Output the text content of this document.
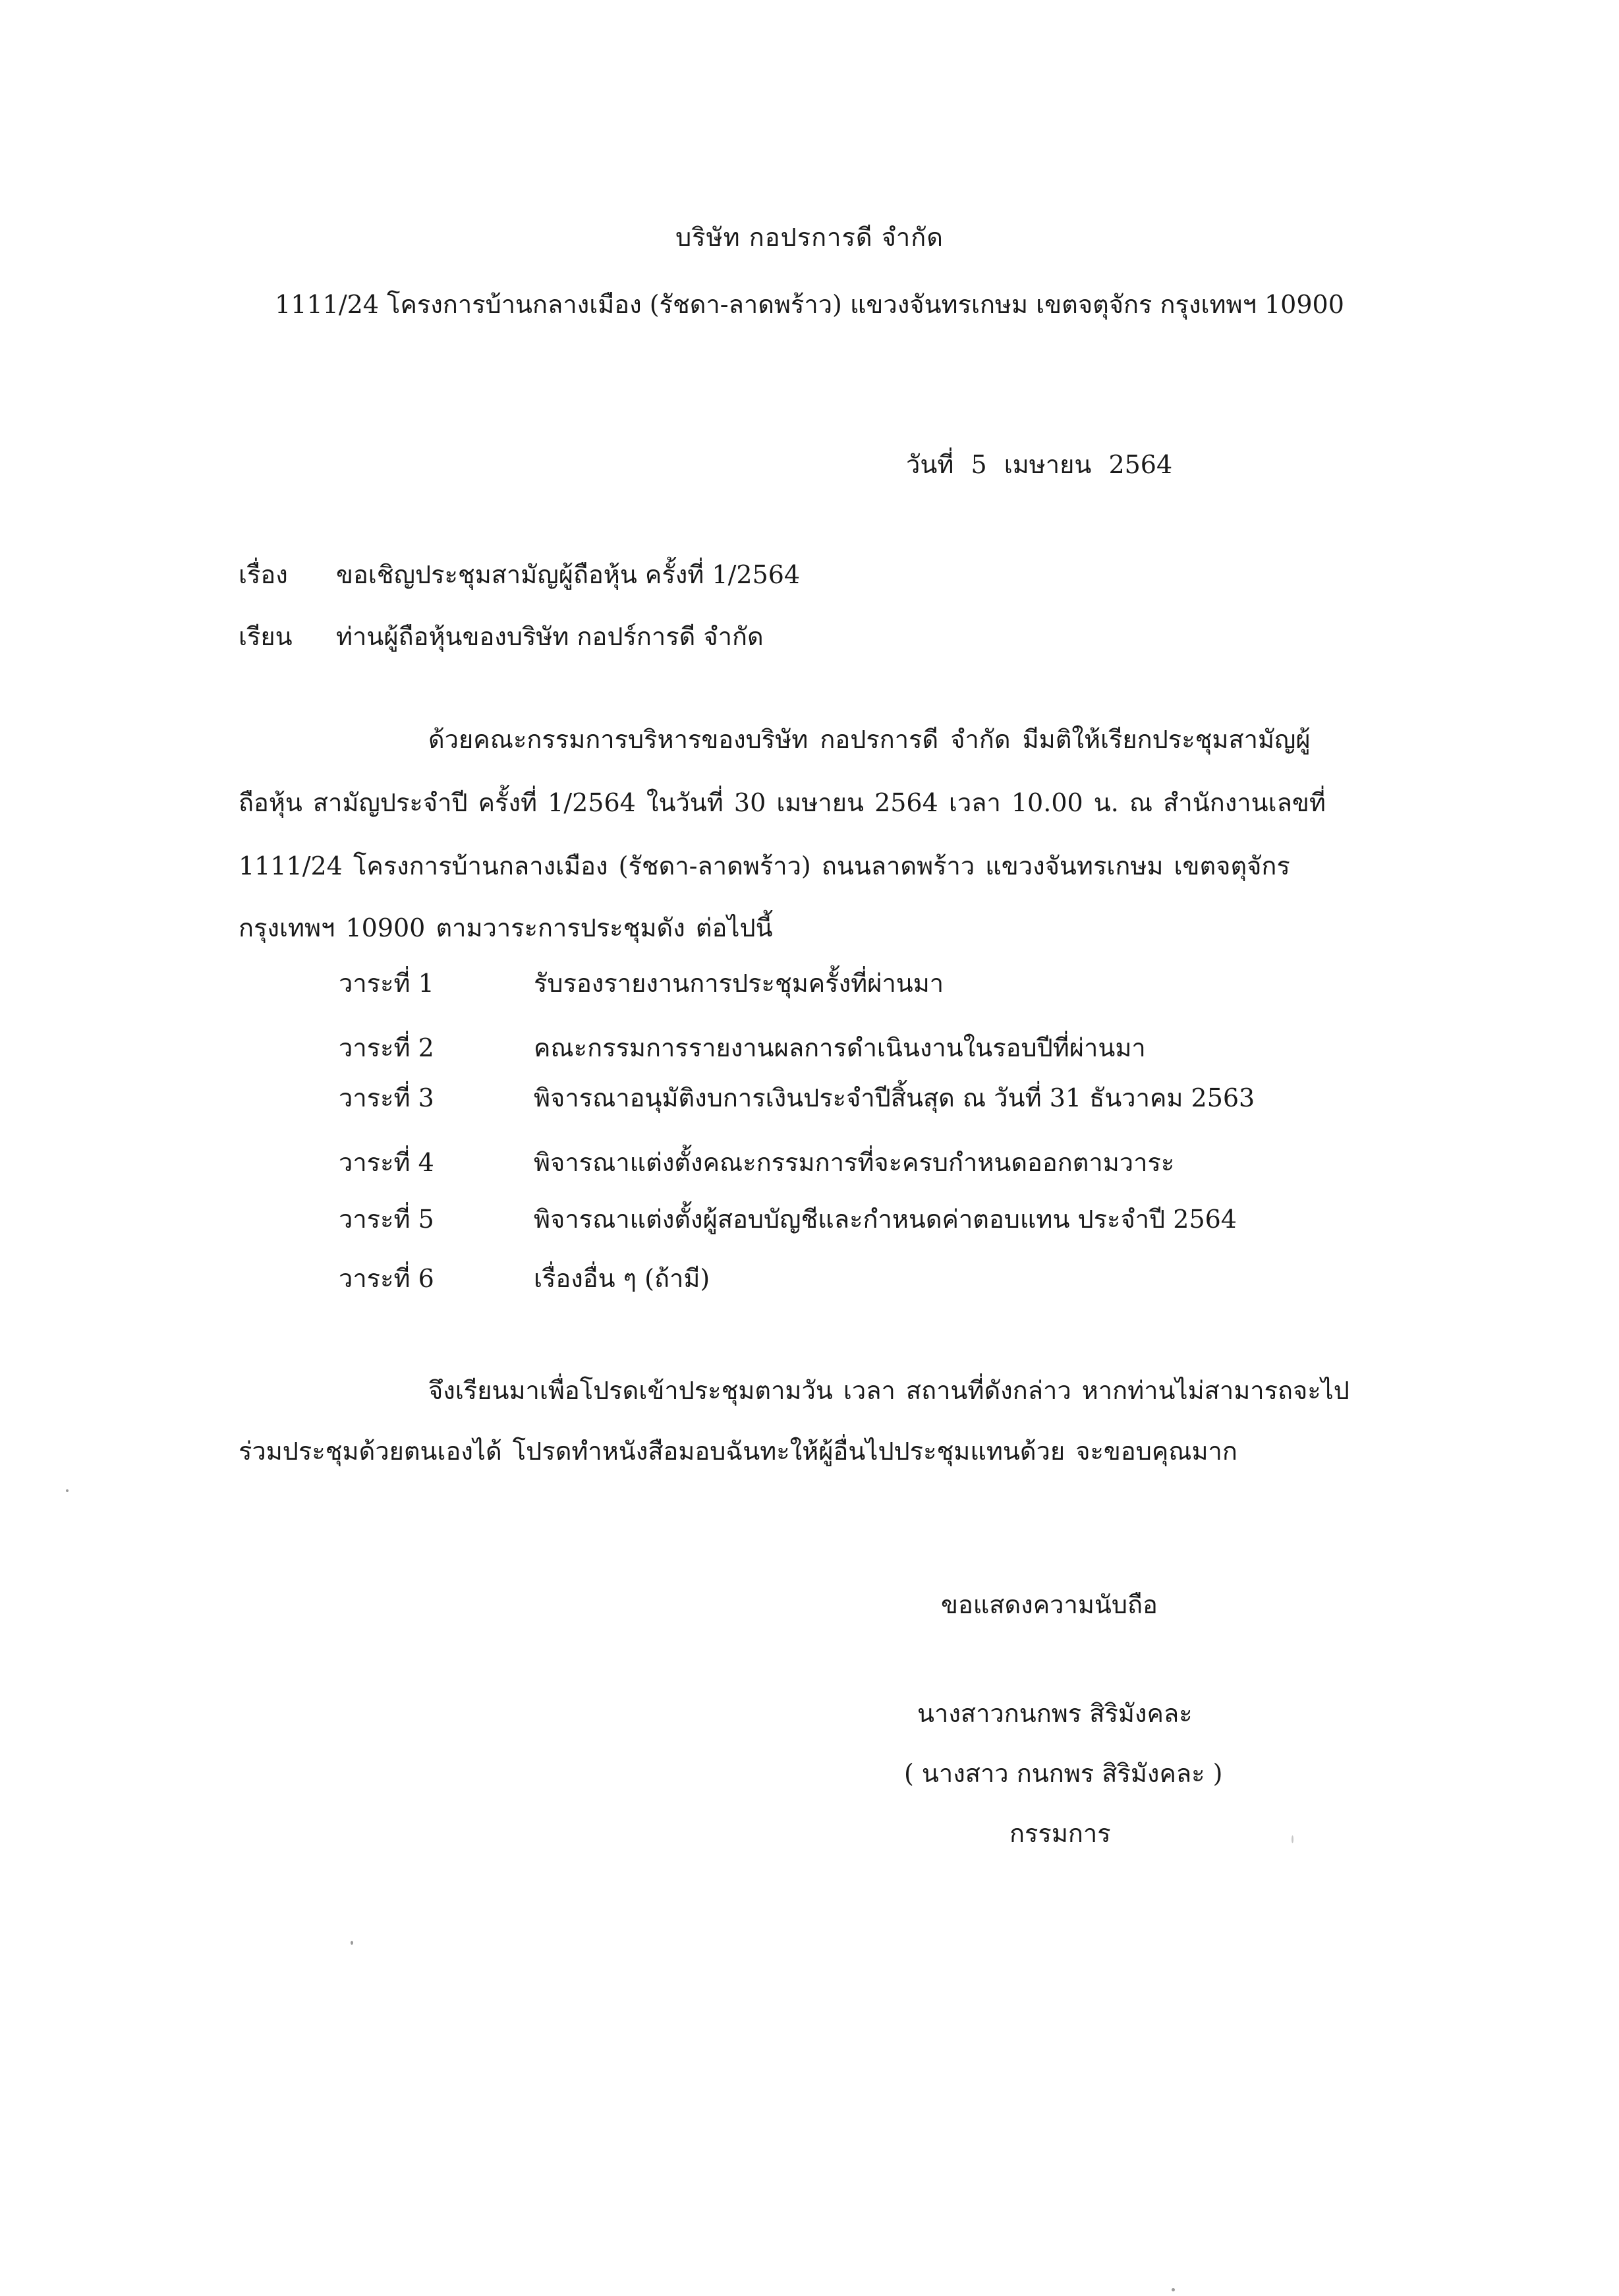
บริษัท กอปรการดี จำกัด
1111/24 โครงการบ้านกลางเมือง (รัชดา-ลาดพร้าว) แขวงจันทรเกษม เขตจตุจักร กรุงเทพฯ 10900
วันที่ 5 เมษายน 2564
เรื่อง ขอเชิญประชุมสามัญผู้ถือหุ้น ครั้งที่ 1/2564
เรียน ท่านผู้ถือหุ้นของบริษัท กอปร์การดี จำกัด
ด้วยคณะกรรมการบริหารของบริษัท กอปรการดี จำกัด มีมติให้เรียกประชุมสามัญผู้
ถือหุ้น สามัญประจำปี ครั้งที่ 1/2564 ในวันที่ 30 เมษายน 2564 เวลา 10.00 น. ณ สำนักงานเลขที่
1111/24 โครงการบ้านกลางเมือง (รัชดา-ลาดพร้าว) ถนนลาดพร้าว แขวงจันทรเกษม เขตจตุจักร
กรุงเทพฯ 10900 ตามวาระการประชุมดัง ต่อไปนี้
วาระที่ 1	รับรองรายงานการประชุมครั้งที่ผ่านมา
วาระที่ 2	คณะกรรมการรายงานผลการดำเนินงานในรอบปีที่ผ่านมา
วาระที่ 3	พิจารณาอนุมัติงบการเงินประจำปีสิ้นสุด ณ วันที่ 31 ธันวาคม 2563
วาระที่ 4	พิจารณาแต่งตั้งคณะกรรมการที่จะครบกำหนดออกตามวาระ
วาระที่ 5	พิจารณาแต่งตั้งผู้สอบบัญชีและกำหนดค่าตอบแทน ประจำปี 2564
วาระที่ 6	เรื่องอื่น ๆ (ถ้ามี)
จึงเรียนมาเพื่อโปรดเข้าประชุมตามวัน เวลา สถานที่ดังกล่าว หากท่านไม่สามารถจะไป
ร่วมประชุมด้วยตนเองได้ โปรดทำหนังสือมอบฉันทะให้ผู้อื่นไปประชุมแทนด้วย จะขอบคุณมาก
ขอแสดงความนับถือ
นางสาวกนกพร สิริมังคละ
( นางสาว กนกพร สิริมังคละ )
กรรมการ
